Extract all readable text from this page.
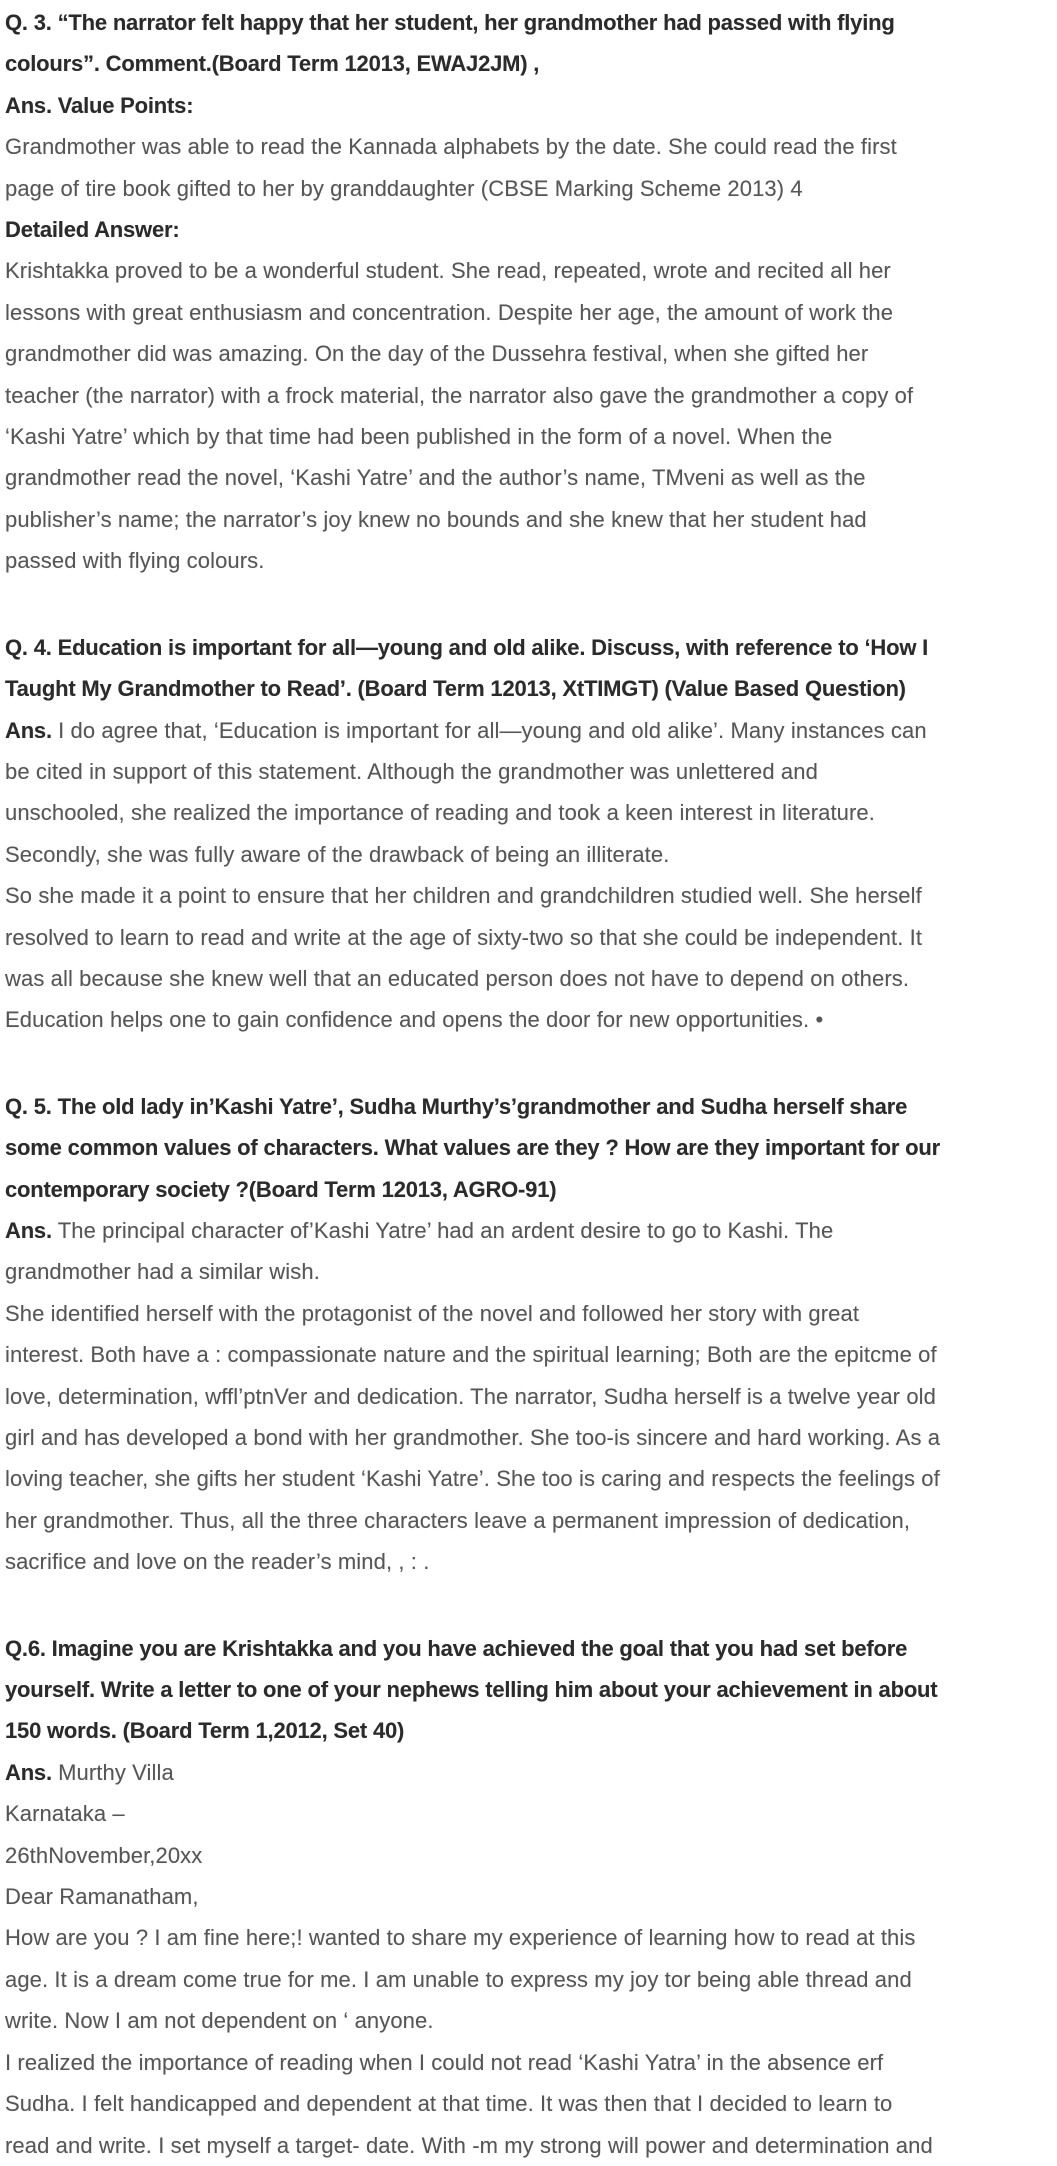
Q. 3. “The narrator felt happy that her student, her grandmother had passed with flying
colours”. Comment.(Board Term 12013, EWAJ2JM) ,
Ans. Value Points:
Grandmother was able to read the Kannada alphabets by the date. She could read the first
page of tire book gifted to her by granddaughter (CBSE Marking Scheme 2013) 4
Detailed Answer:
Krishtakka proved to be a wonderful student. She read, repeated, wrote and recited all her
lessons with great enthusiasm and concentration. Despite her age, the amount of work the
grandmother did was amazing. On the day of the Dussehra festival, when she gifted her
teacher (the narrator) with a frock material, the narrator also gave the grandmother a copy of
‘Kashi Yatre’ which by that time had been published in the form of a novel. When the
grandmother read the novel, ‘Kashi Yatre’ and the author’s name, TMveni as well as the
publisher’s name; the narrator’s joy knew no bounds and she knew that her student had
passed with flying colours.
Q. 4. Education is important for all—young and old alike. Discuss, with reference to ‘How I
Taught My Grandmother to Read’. (Board Term 12013, XtTIMGT) (Value Based Question)
Ans. I do agree that, ‘Education is important for all—young and old alike’. Many instances can
be cited in support of this statement. Although the grandmother was unlettered and
unschooled, she realized the importance of reading and took a keen interest in literature.
Secondly, she was fully aware of the drawback of being an illiterate.
So she made it a point to ensure that her children and grandchildren studied well. She herself
resolved to learn to read and write at the age of sixty-two so that she could be independent. It
was all because she knew well that an educated person does not have to depend on others.
Education helps one to gain confidence and opens the door for new opportunities. •
Q. 5. The old lady in’Kashi Yatre’, Sudha Murthy’s’grandmother and Sudha herself share
some common values of characters. What values are they ? How are they important for our
contemporary society ?(Board Term 12013, AGRO-91)
Ans. The principal character of’Kashi Yatre’ had an ardent desire to go to Kashi. The
grandmother had a similar wish.
She identified herself with the protagonist of the novel and followed her story with great
interest. Both have a : compassionate nature and the spiritual learning; Both are the epitcme of
love, determination, wffl’ptnVer and dedication. The narrator, Sudha herself is a twelve year old
girl and has developed a bond with her grandmother. She too-is sincere and hard working. As a
loving teacher, she gifts her student ‘Kashi Yatre’. She too is caring and respects the feelings of
her grandmother. Thus, all the three characters leave a permanent impression of dedication,
sacrifice and love on the reader’s mind, , : .
Q.6. Imagine you are Krishtakka and you have achieved the goal that you had set before
yourself. Write a letter to one of your nephews telling him about your achievement in about
150 words. (Board Term 1,2012, Set 40)
Ans. Murthy Villa
Karnataka –
26thNovember,20xx
Dear Ramanatham,
How are you ? I am fine here;! wanted to share my experience of learning how to read at this
age. It is a dream come true for me. I am unable to express my joy tor being able thread and
write. Now I am not dependent on ‘ anyone.
I realized the importance of reading when I could not read ‘Kashi Yatra’ in the absence erf
Sudha. I felt handicapped and dependent at that time. It was then that I decided to learn to
read and write. I set myself a target- date. With -m my strong will power and determination and
